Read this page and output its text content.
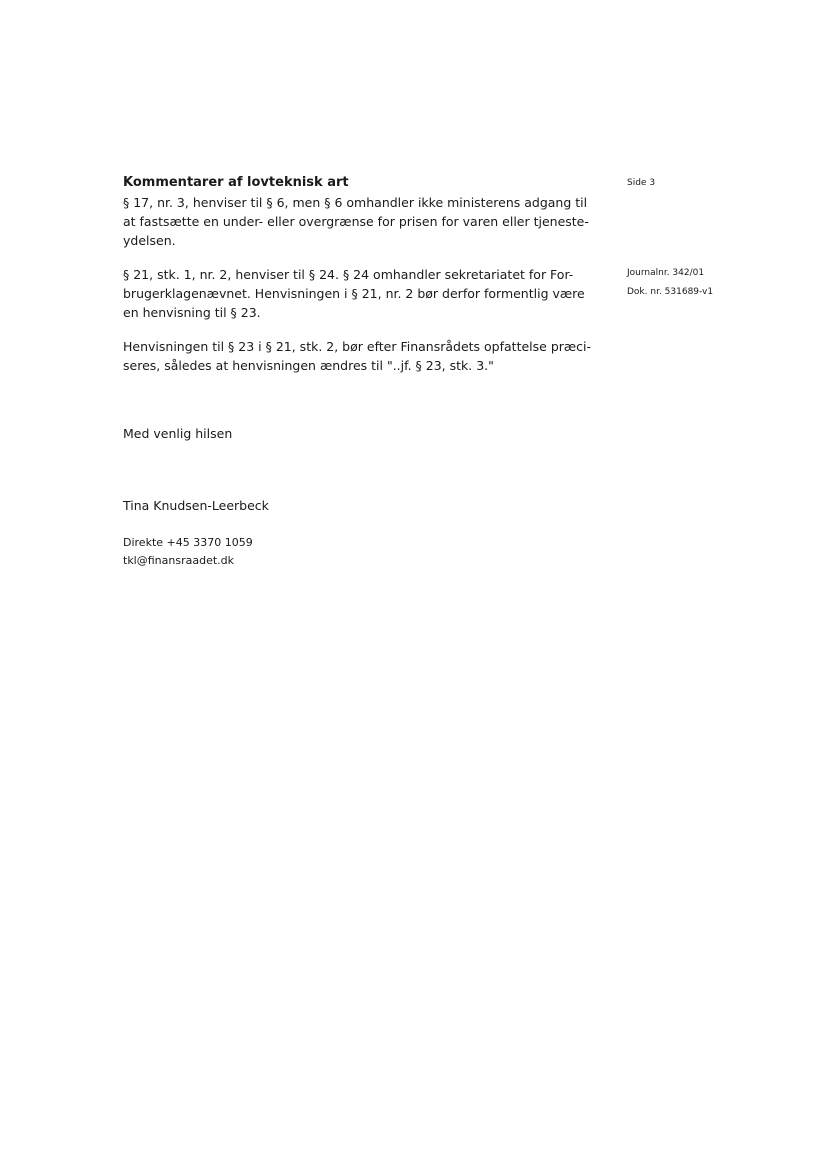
Kommentarer af lovteknisk art
§ 17, nr. 3, henviser til § 6, men § 6 omhandler ikke ministerens adgang til
at fastsætte en under- eller overgrænse for prisen for varen eller tjeneste-
ydelsen.
§ 21, stk. 1, nr. 2, henviser til § 24. § 24 omhandler sekretariatet for For-
brugerklagenævnet. Henvisningen i § 21, nr. 2 bør derfor formentlig være
en henvisning til § 23.
Henvisningen til § 23 i § 21, stk. 2, bør efter Finansrådets opfattelse præci-
seres, således at henvisningen ændres til "..jf. § 23, stk. 3."
Med venlig hilsen
Tina Knudsen-Leerbeck
Direkte +45 3370 1059
tkl@finansraadet.dk
Side 3
Journalnr. 342/01
Dok. nr. 531689-v1
